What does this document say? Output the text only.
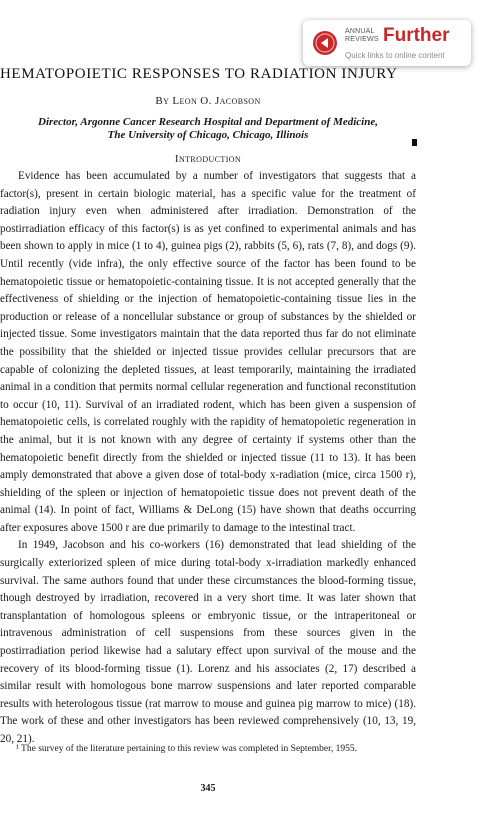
ANNUAL REVIEWS Further
Quick links to online content
HEMATOPOIETIC RESPONSES TO RADIATION INJURY
By Leon O. Jacobson
Director, Argonne Cancer Research Hospital and Department of Medicine,
The University of Chicago, Chicago, Illinois
Introduction

Evidence has been accumulated by a number of investigators that suggests that a factor(s), present in certain biologic material, has a specific value for the treatment of radiation injury even when administered after irradiation. Demonstration of the postirradiation efficacy of this factor(s) is as yet confined to experimental animals and has been shown to apply in mice (1 to 4), guinea pigs (2), rabbits (5, 6), rats (7, 8), and dogs (9). Until recently (vide infra), the only effective source of the factor has been found to be hematopoietic tissue or hematopoietic-containing tissue. It is not accepted generally that the effectiveness of shielding or the injection of hematopoietic-containing tissue lies in the production or release of a noncellular substance or group of substances by the shielded or injected tissue. Some investigators maintain that the data reported thus far do not eliminate the possibility that the shielded or injected tissue provides cellular precursors that are capable of colonizing the depleted tissues, at least temporarily, maintaining the irradiated animal in a condition that permits normal cellular regeneration and functional reconstitution to occur (10, 11). Survival of an irradiated rodent, which has been given a suspension of hematopoietic cells, is correlated roughly with the rapidity of hematopoietic regeneration in the animal, but it is not known with any degree of certainty if systems other than the hematopoietic benefit directly from the shielded or injected tissue (11 to 13). It has been amply demonstrated that above a given dose of total-body x-radiation (mice, circa 1500 r), shielding of the spleen or injection of hematopoietic tissue does not prevent death of the animal (14). In point of fact, Williams & DeLong (15) have shown that deaths occurring after exposures above 1500 r are due primarily to damage to the intestinal tract.

In 1949, Jacobson and his co-workers (16) demonstrated that lead shielding of the surgically exteriorized spleen of mice during total-body x-irradiation markedly enhanced survival. The same authors found that under these circumstances the blood-forming tissue, though destroyed by irradiation, recovered in a very short time. It was later shown that transplantation of homologous spleens or embryonic tissue, or the intraperitoneal or intravenous administration of cell suspensions from these sources given in the postirradiation period likewise had a salutary effect upon survival of the mouse and the recovery of its blood-forming tissue (1). Lorenz and his associates (2, 17) described a similar result with homologous bone marrow suspensions and later reported comparable results with heterologous tissue (rat marrow to mouse and guinea pig marrow to mice) (18). The work of these and other investigators has been reviewed comprehensively (10, 13, 19, 20, 21).

¹ The survey of the literature pertaining to this review was completed in September, 1955.

345
